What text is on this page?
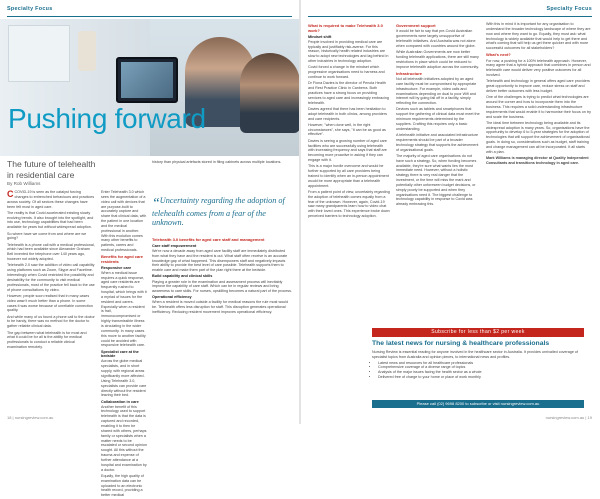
Specialty Focus
Pushing forward
The future of telehealth
in residential care
By Rob Williams

CCOVID-19 is seen as the catalyst forcing changes to entrenched behaviours and practices across society. Of all sectors these changes have been felt most in aged care.

The reality is that Covid accelerated existing slowly evolving trends. It also brought into the spotlight, and into use, technology capabilities that had been available for years but without widespread adoption.

So where have we come from and where are we going?

Telehealth is a phone call with a medical professional, which had been available since Alexander Graham Bell invented the telephone over 140 years ago, however not widely adopted.

Telehealth 2.0 saw the addition of video call capability using platforms such as Zoom, Skype and Facetime. Interestingly when Covid restricted the possibility and desirability for the community to visit medical professionals, most of the practice fell back to the use of phone consultations by video.

However, people soon realised that in many cases video wasn't much better than a phone. In some cases it was worse because of unreliable connection quality.

And while many of us found a phone call to the doctor to be handy, there was no method for the doctor to gather reliable clinical data.

The gap between what telehealth is for most and what it could be for all is the ability for medical professionals to conduct a reliable clinical examination remotely.

Enter Telehealth 3.0 which sees the augmentation of a video call with devices that are purpose-built to accurately capture and share that clinical data, with the patient in one location and the medical professional in another. With this evolution comes many other benefits to patients, carers and medical professionals.

Benefits for aged care residents
Responsive care

When a medical issue requires a quick response, aged care residents are frequently rushed to hospital, which brings with it a myriad of issues for the resident and carers. Especially when a resident is frail, immunocompromised or highly transmissible illness is circulating in the wider community. In many cases this move to another facility could be avoided with responsive telehealth care.

Specialist care at the bedside

Across the globe medical specialists, and in short supply, with regional areas significantly more affected. Using Telehealth 3.0, specialists can provide care directly without the resident leaving their bed.

Collaboration in care

Another benefit of this technology used to support telehealth is that the data is captured and recorded, enabling it to then be shared with others, perhaps family or specialists when a matter needs to be escalated or second opinion sought. All this without the trauma and expense of further attendance at a hospital and examination by a doctor.

Equally, the high quality of examination data can be uploaded to an electronic health record, providing a better medical

history than physical artefacts stored in filing cabinets across multiple locations.

“Uncertainty regarding the adoption of telehealth comes from a fear of the unknown.
Telehealth 3.0 benefits for aged care staff and management
Care staff empowerment

We're now a decade away from aged care facility staff are immediately distributed from what they have and the resident is out. What staff often receive is an accurate knowledge gap of what happened. This disempowers staff and negatively impacts their ability to provide the best level of care possible. Telehealth supports them to enable care and make them part of the plan right there at the bedside.

Build capability and clinical skills

Playing a greater role in the examination and assessment process will inevitably improve the capability of care staff. Which can be in regular reviews and bring awareness to care skills. For nurses, upskilling becomes a natural part of the process.

Operational efficiency

When a resident is moved outside a facility for medical reasons the rule most would be. Telehealth offers less disruption for staff. This disruption generates operational inefficiency. Reducing resident movement improves operational efficiency.

18 | nursingreview.com.au
Specialty Focus
What is required to make Telehealth 3.0 work?
Mindset shift

People involved in providing medical care are typically and justifiably risk-averse. For this reason, historically health related industries are slow to adopt new technologies and lag behind in other industries in technology adoption.

Covid forced a change in the mindset which progressive organisations need to harness and continue to work forward.

Dr Fiona Davies is the director of Penola Health and Rest Practice Clinic in Canberra. Both practices have a strong focus on providing services to aged care and increasingly embracing telehealth.

Davies agreed that there has been hesitation to adopt telehealth in both clinics, among providers and care recipients.

However, "when done well, in the right circumstances", she says, "it can be as good as effective".

Davies is seeing a growing number of aged care facilities who are successfully using telehealth with increasing frequency and says that staff are becoming more proactive in asking if they can engage with it.

This is a major hurdle overcome and would be further supported by all care providers being trained to identify when an in-person appointment would be more appropriate than a telehealth appointment.

From a patient point of view, uncertainty regarding the adoption of telehealth comes equally from a fear of the unknown. However, again, Covid-19 saw many grandparents learn how to video chat with their loved ones. This experience broke down perceived barriers to technology adoption.

Government support

It would be fair to say that pre-Covid Australian governments were largely unsupportive of telehealth initiatives. And Australia was not alone when compared with countries around the globe.

While Australian Governments are now better funding telehealth applications, there are still many restrictions in place which could be reduced to improve telehealth adoption across the community.

Infrastructure

Not all telehealth initiatives adopted by an aged care facility must be compromised by appropriate infrastructure. For example, video calls and examinations depending on dual to poor Wifi and internet will by going fall off in a facility, simply reflecting the connection.

Devices such as tablets and smartphones that support the gathering of clinical data must meet the minimum requirements determined by the suppliers. Crafting this requires only a basic understanding.

A telehealth initiative and associated infrastructure requirements should be part of a broader technology strategy that supports the achievement of organisational goals.

The majority of aged care organisations do not have such a strategy. So, when funding becomes available, they're sure what wants lies the most immediate need. However, without a holistic strategy there is very real danger that the investment, or the time will miss the mark and potentially other unforeseen budget decisions, or simply poorly be supported and when they organisations need it. The biggest challenge to technology capability in response to Covid was already embracing this.

With this in mind it is important for any organisation to understand the broader technology landscape of where they are now and where they want to go. Equally, they must ask: what technology is widely available that would help to get there and what's coming that will help us get there quicker and with more successful outcomes for all stakeholders?

What's next?

For now, a pushing for a 100% telehealth approach. However, many agree that a hybrid approach that combines in person and telehealth care would deliver very positive outcomes for all involved.

Telehealth and technology in general offers aged care providers great opportunity to improve care, reduce stress on staff and deliver better outcomes with less budget.

One of the challenges is trying to predict what technologies are around the corner and how to incorporate them into the business. This requires a solid understanding infrastructure requirements that would enable it to harmonise their focus on try and scale the business.

The ideal time between technology being available and its widespread adoption is many years. So, organisations have the opportunity to develop 6 to 5-year strategies for the adoption of technologies that will support the achievement of organisational goals. In doing so, considerations such as budget, staff training and change management can all be incorporated. It all starts with a plan.

Mark Williams is managing director at Quality Independent Consultants and transitions technology in aged care.

nursingreview.com.au | 19
Subscribe for less than $2 per week
The latest news for nursing & healthcare professionals
Nursing Review is essential reading for anyone involved in the healthcare sector in Australia. It provides unrivalled coverage of specialist topics from Australia and opinion pieces, to international news and profiles.
• Latest news and resources for all healthcare professionals
• Comprehensive coverage of a diverse range of topics
• Analysis of the major issues facing the health sector as a whole
• Delivered free of charge to your home or place of work monthly
Please call (02) 9698 8200 to subscribe or visit nursingreview.com.au
